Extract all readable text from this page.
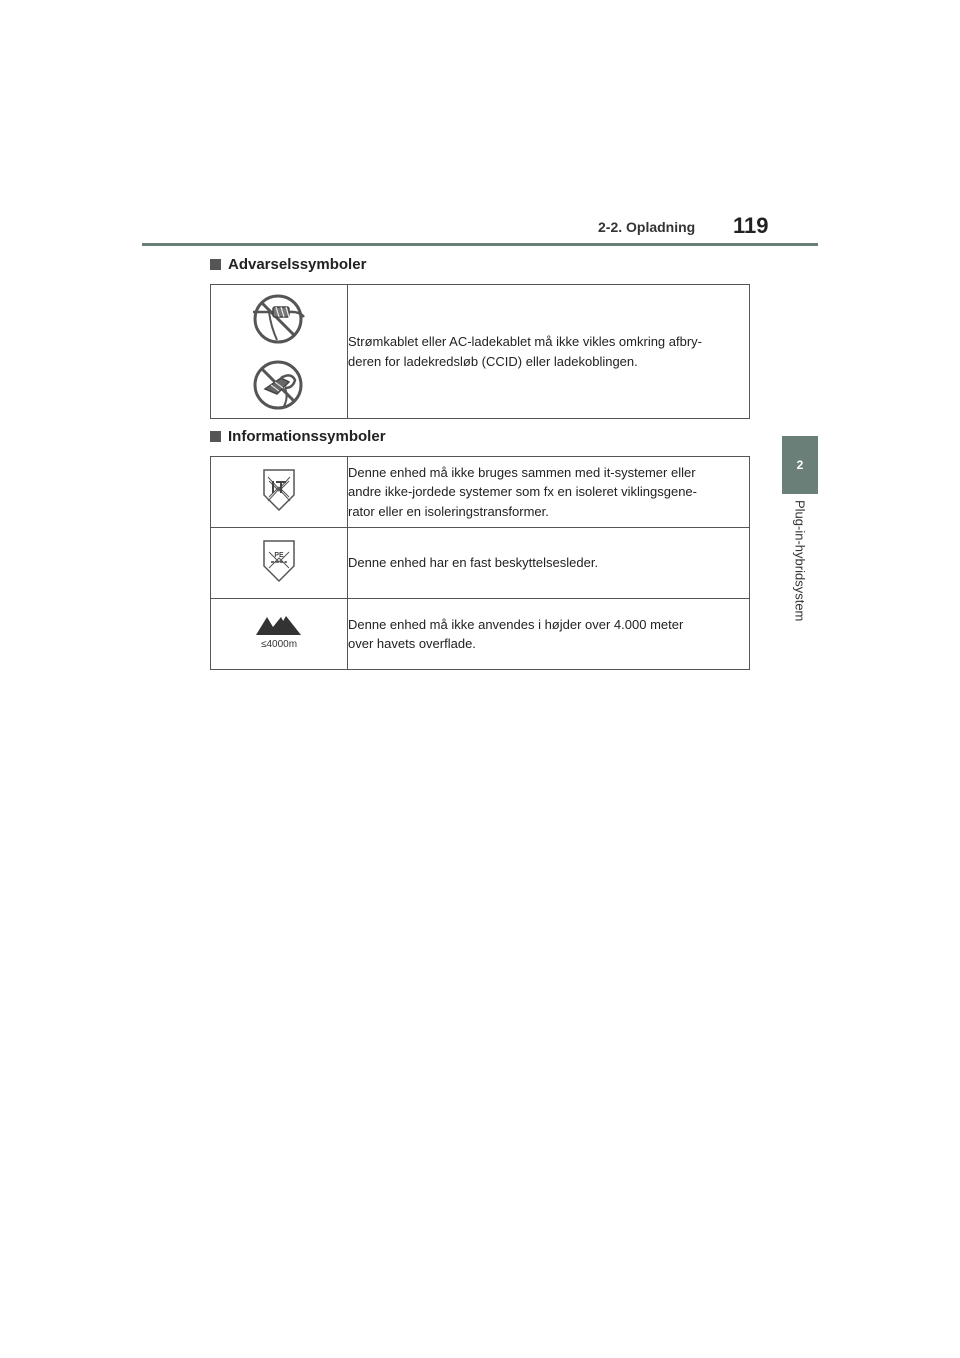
2-2. Opladning 119
2
Plug-in-hybridsystem
Advarselssymboler

Strømkablet eller AC-ladekablet må ikke vikles omkring afbry-
deren for ladekredsløb (CCID) eller ladekoblingen.
Informationssymboler

Denne enhed må ikke bruges sammen med it-systemer eller
andre ikke-jordede systemer som fx en isoleret viklingsgene-
rator eller en isoleringstransformer.

PE	Denne enhed har en fast beskyttelsesleder.

≤4000m	Denne enhed må ikke anvendes i højder over 4.000 meter
over havets overflade.
